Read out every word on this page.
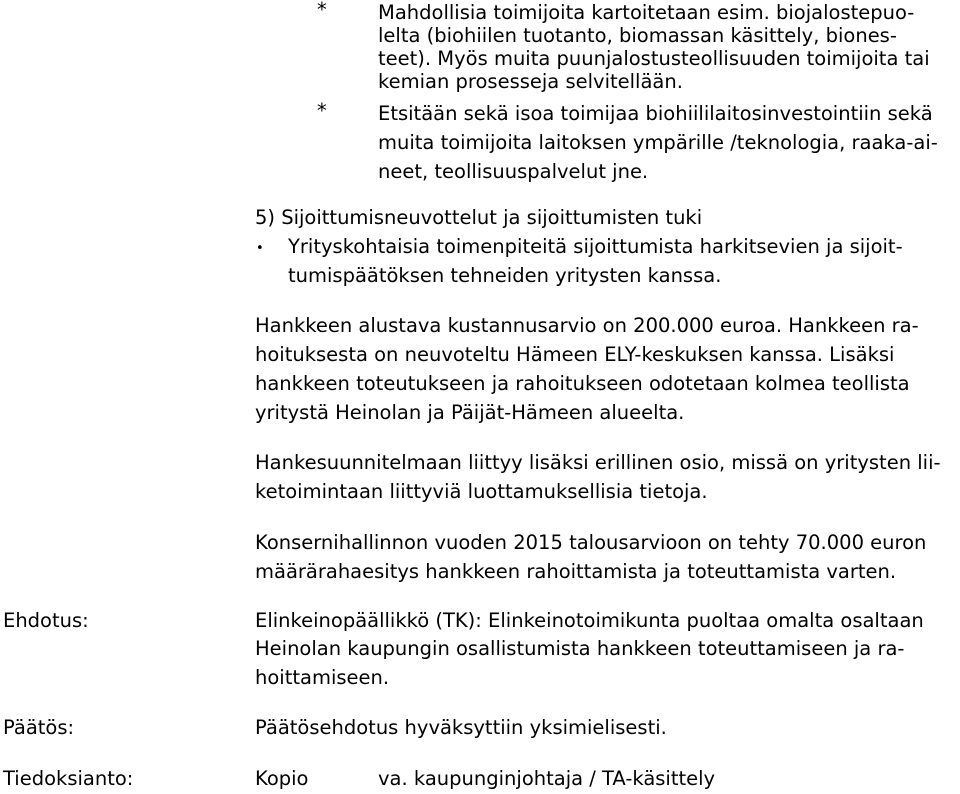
*	Mahdollisia toimijoita kartoitetaan esim. biojalostepuo-
lelta (biohiilen tuotanto, biomassan käsittely, biones-
teet). Myös muita puunjalostusteollisuuden toimijoita tai
kemian prosesseja selvitellään.
*	Etsitään sekä isoa toimijaa biohiililaitosinvestointiin sekä
muita toimijoita laitoksen ympärille /teknologia, raaka-ai-
neet, teollisuuspalvelut jne.
5) Sijoittumisneuvottelut ja sijoittumisten tuki
• Yrityskohtaisia toimenpiteitä sijoittumista harkitsevien ja sijoit-
tumispäätöksen tehneiden yritysten kanssa.
Hankkeen alustava kustannusarvio on 200.000 euroa. Hankkeen ra-
hoituksesta on neuvoteltu Hämeen ELY-keskuksen kanssa. Lisäksi
hankkeen toteutukseen ja rahoitukseen odotetaan kolmea teollista
yritystä Heinolan ja Päijät-Hämeen alueelta.
Hankesuunnitelmaan liittyy lisäksi erillinen osio, missä on yritysten lii-
ketoimintaan liittyviä luottamuksellisia tietoja.
Konsernihallinnon vuoden 2015 talousarvioon on tehty 70.000 euron
määrärahaesitys hankkeen rahoittamista ja toteuttamista varten.
Ehdotus:	Elinkeinopäällikkö (TK): Elinkeinotoimikunta puoltaa omalta osaltaan
Heinolan kaupungin osallistumista hankkeen toteuttamiseen ja ra-
hoittamiseen.
Päätös:	Päätösehdotus hyväksyttiin yksimielisesti.
Tiedoksianto:	Kopio	va. kaupunginjohtaja / TA-käsittely
